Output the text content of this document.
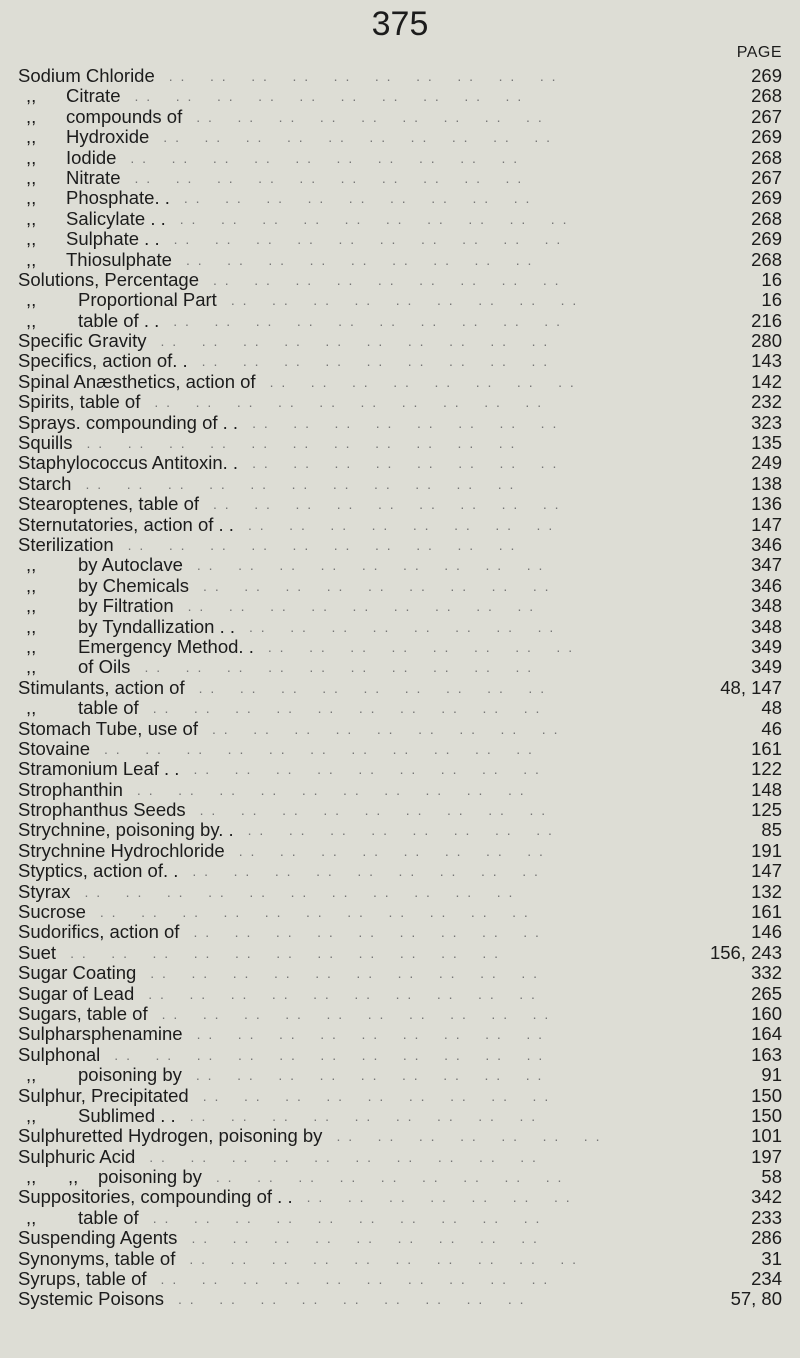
375
PAGE
Sodium Chloride	269
. .    . .    . .    . .    . .    . .    . .    . .    . .    . .
,, Citrate	268
. .    . .    . .    . .    . .    . .    . .    . .    . .    . .
,, compounds of	267
. .    . .    . .    . .    . .    . .    . .    . .    . .
,, Hydroxide	269
. .    . .    . .    . .    . .    . .    . .    . .    . .    . .
,, Iodide	268
. .    . .    . .    . .    . .    . .    . .    . .    . .    . .
,, Nitrate	267
. .    . .    . .    . .    . .    . .    . .    . .    . .    . .
,, Phosphate. .	269
. .    . .    . .    . .    . .    . .    . .    . .    . .
,, Salicylate . .	268
. .    . .    . .    . .    . .    . .    . .    . .    . .    . .
,, Sulphate . .	269
. .    . .    . .    . .    . .    . .    . .    . .    . .    . .
,, Thiosulphate	268
. .    . .    . .    . .    . .    . .    . .    . .    . .
Solutions, Percentage	16
. .    . .    . .    . .    . .    . .    . .    . .    . .
,, Proportional Part	16
. .    . .    . .    . .    . .    . .    . .    . .    . .
,, table of . .	216
. .    . .    . .    . .    . .    . .    . .    . .    . .    . .
Specific Gravity	280
. .    . .    . .    . .    . .    . .    . .    . .    . .    . .
Specifics, action of. .	143
. .    . .    . .    . .    . .    . .    . .    . .    . .
Spinal Anæsthetics, action of	142
. .    . .    . .    . .    . .    . .    . .    . .
Spirits, table of	232
. .    . .    . .    . .    . .    . .    . .    . .    . .    . .
Sprays. compounding of . .	323
. .    . .    . .    . .    . .    . .    . .    . .
Squills	135
. .    . .    . .    . .    . .    . .    . .    . .    . .    . .    . .
Staphylococcus Antitoxin. .	249
. .    . .    . .    . .    . .    . .    . .    . .
Starch	138
. .    . .    . .    . .    . .    . .    . .    . .    . .    . .    . .
Stearoptenes, table of	136
. .    . .    . .    . .    . .    . .    . .    . .    . .
Sternutatories, action of . .	147
. .    . .    . .    . .    . .    . .    . .    . .
Sterilization	346
. .    . .    . .    . .    . .    . .    . .    . .    . .    . .
,, by Autoclave	347
. .    . .    . .    . .    . .    . .    . .    . .    . .
,, by Chemicals	346
. .    . .    . .    . .    . .    . .    . .    . .    . .
,, by Filtration	348
. .    . .    . .    . .    . .    . .    . .    . .    . .
,, by Tyndallization . .	348
. .    . .    . .    . .    . .    . .    . .    . .
,, Emergency Method. .	349
. .    . .    . .    . .    . .    . .    . .    . .
,, of Oils	349
. .    . .    . .    . .    . .    . .    . .    . .    . .    . .
Stimulants, action of	48, 147
. .    . .    . .    . .    . .    . .    . .    . .    . .
,, table of	48
. .    . .    . .    . .    . .    . .    . .    . .    . .    . .
Stomach Tube, use of	46
. .    . .    . .    . .    . .    . .    . .    . .    . .
Stovaine	161
. .    . .    . .    . .    . .    . .    . .    . .    . .    . .    . .
Stramonium Leaf . .	122
. .    . .    . .    . .    . .    . .    . .    . .    . .
Strophanthin	148
. .    . .    . .    . .    . .    . .    . .    . .    . .    . .
Strophanthus Seeds	125
. .    . .    . .    . .    . .    . .    . .    . .    . .
Strychnine, poisoning by. .	85
. .    . .    . .    . .    . .    . .    . .    . .
Strychnine Hydrochloride	191
. .    . .    . .    . .    . .    . .    . .    . .
Styptics, action of. .	147
. .    . .    . .    . .    . .    . .    . .    . .    . .
Styrax	132
. .    . .    . .    . .    . .    . .    . .    . .    . .    . .    . .
Sucrose	161
. .    . .    . .    . .    . .    . .    . .    . .    . .    . .    . .
Sudorifics, action of	146
. .    . .    . .    . .    . .    . .    . .    . .    . .
Suet	156, 243
. .    . .    . .    . .    . .    . .    . .    . .    . .    . .    . .
Sugar Coating	332
. .    . .    . .    . .    . .    . .    . .    . .    . .    . .
Sugar of Lead	265
. .    . .    . .    . .    . .    . .    . .    . .    . .    . .
Sugars, table of	160
. .    . .    . .    . .    . .    . .    . .    . .    . .    . .
Sulpharsphenamine	164
. .    . .    . .    . .    . .    . .    . .    . .    . .
Sulphonal	163
. .    . .    . .    . .    . .    . .    . .    . .    . .    . .    . .
,, poisoning by	91
. .    . .    . .    . .    . .    . .    . .    . .    . .
Sulphur, Precipitated	150
. .    . .    . .    . .    . .    . .    . .    . .    . .
,, Sublimed . .	150
. .    . .    . .    . .    . .    . .    . .    . .    . .
Sulphuretted Hydrogen, poisoning by	101
. .    . .    . .    . .    . .    . .    . .
Sulphuric Acid	197
. .    . .    . .    . .    . .    . .    . .    . .    . .    . .
,, ,, poisoning by	58
. .    . .    . .    . .    . .    . .    . .    . .    . .
Suppositories, compounding of . .	342
. .    . .    . .    . .    . .    . .    . .
,, table of	233
. .    . .    . .    . .    . .    . .    . .    . .    . .    . .
Suspending Agents	286
. .    . .    . .    . .    . .    . .    . .    . .    . .
Synonyms, table of	31
. .    . .    . .    . .    . .    . .    . .    . .    . .    . .
Syrups, table of	234
. .    . .    . .    . .    . .    . .    . .    . .    . .    . .
Systemic Poisons	57, 80
. .    . .    . .    . .    . .    . .    . .    . .    . .
